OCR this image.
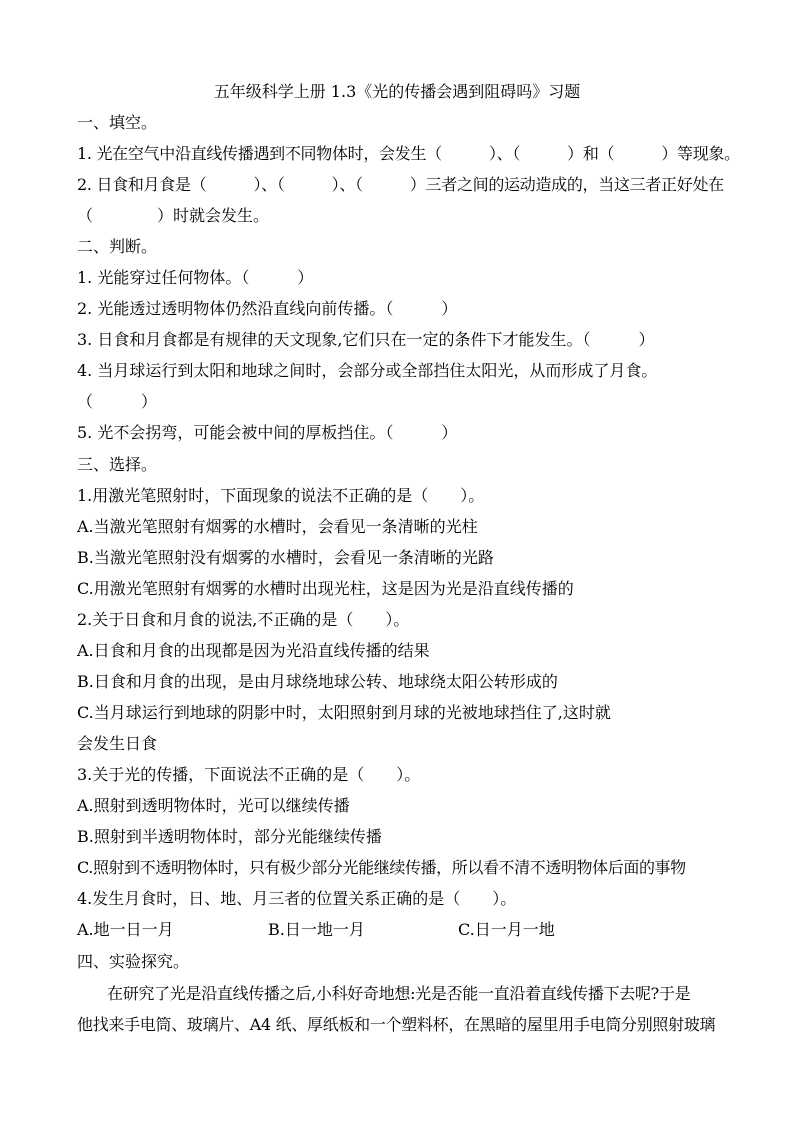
五年级科学上册 1.3《光的传播会遇到阻碍吗》习题
一、填空。
1. 光在空气中沿直线传播遇到不同物体时，会发生（　　　）、（　　　）和（　　　）等现象。
2. 日食和月食是（　　　）、（　　　）、（　　　）三者之间的运动造成的，当这三者正好处在
（　　　　）时就会发生。
二、判断。
1. 光能穿过任何物体。（　　　）
2. 光能透过透明物体仍然沿直线向前传播。（　　　）
3. 日食和月食都是有规律的天文现象,它们只在一定的条件下才能发生。（　　　）
4. 当月球运行到太阳和地球之间时，会部分或全部挡住太阳光，从而形成了月食。
（　　　）
5. 光不会拐弯，可能会被中间的厚板挡住。（　　　）
三、选择。
1.用激光笔照射时，下面现象的说法不正确的是（　　）。
A.当激光笔照射有烟雾的水槽时，会看见一条清晰的光柱
B.当激光笔照射没有烟雾的水槽时，会看见一条清晰的光路
C.用激光笔照射有烟雾的水槽时出现光柱，这是因为光是沿直线传播的
2.关于日食和月食的说法,不正确的是（　　）。
A.日食和月食的出现都是因为光沿直线传播的结果
B.日食和月食的出现，是由月球绕地球公转、地球绕太阳公转形成的
C.当月球运行到地球的阴影中时，太阳照射到月球的光被地球挡住了,这时就
会发生日食
3.关于光的传播，下面说法不正确的是（　　）。
A.照射到透明物体时，光可以继续传播
B.照射到半透明物体时，部分光能继续传播
C.照射到不透明物体时，只有极少部分光能继续传播，所以看不清不透明物体后面的事物
4.发生月食时，日、地、月三者的位置关系正确的是（　　）。
A.地一日一月	B.日一地一月	C.日一月一地
四、实验探究。
在研究了光是沿直线传播之后,小科好奇地想:光是否能一直沿着直线传播下去呢?于是
他找来手电筒、玻璃片、A4 纸、厚纸板和一个塑料杯，在黑暗的屋里用手电筒分别照射玻璃
